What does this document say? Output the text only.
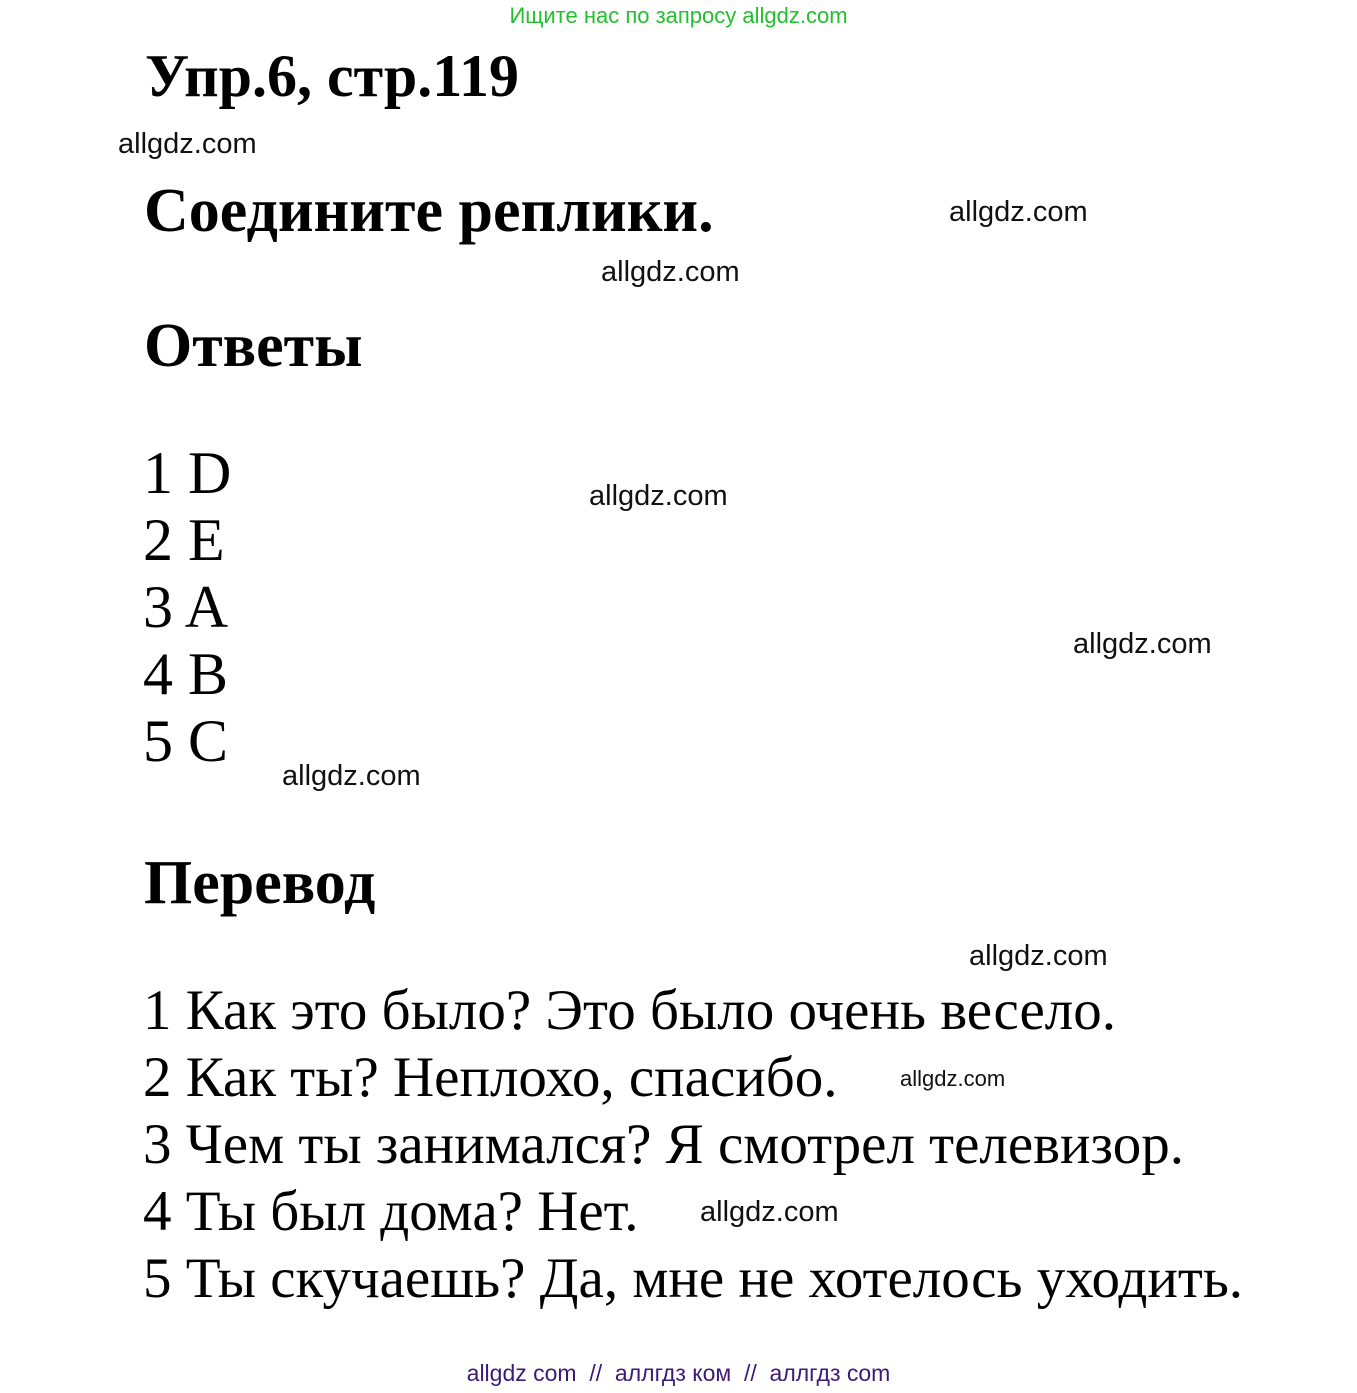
Ищите нас по запросу allgdz.com
Упр.6, стр.119
Соедините реплики.
Ответы
1 D
2 E
3 A
4 B
5 C
Перевод
1 Как это было? Это было очень весело.
2 Как ты? Неплохо, спасибо.
3 Чем ты занимался? Я смотрел телевизор.
4 Ты был дома? Нет.
5 Ты скучаешь? Да, мне не хотелось уходить.
allgdz.com
allgdz.com
allgdz.com
allgdz.com
allgdz.com
allgdz.com
allgdz.com
allgdz.com
allgdz.com
allgdz com  //  аллгдз ком  //  аллгдз com
